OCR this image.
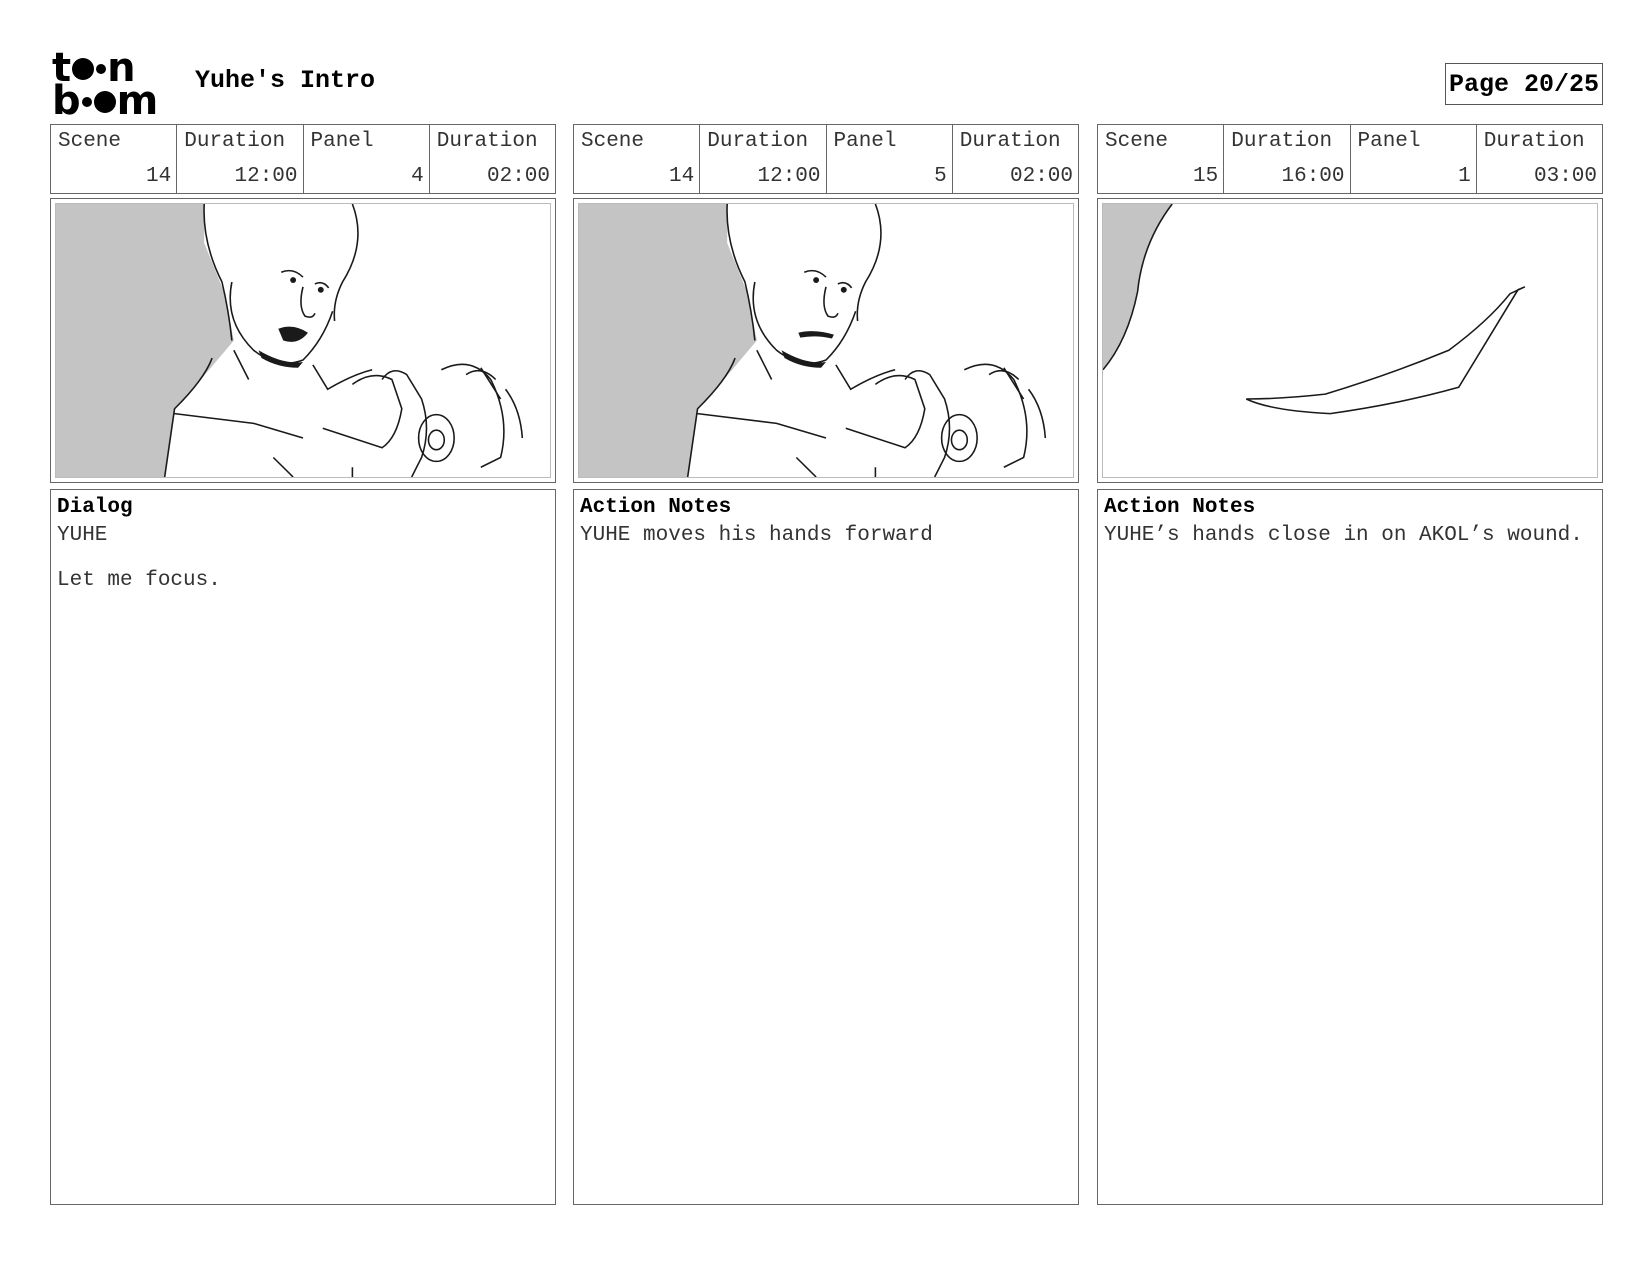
t n
b m Yuhe's Intro	Page 20/25
Scene
14
Duration
12:00
Panel
4
Duration
02:00
Dialog
YUHE
Let me focus.
Scene
14
Duration
12:00
Panel
5
Duration
02:00
Action Notes
YUHE moves his hands forward
Scene
15
Duration
16:00
Panel
1
Duration
03:00
Action Notes
YUHE’s hands close in on AKOL’s wound.
